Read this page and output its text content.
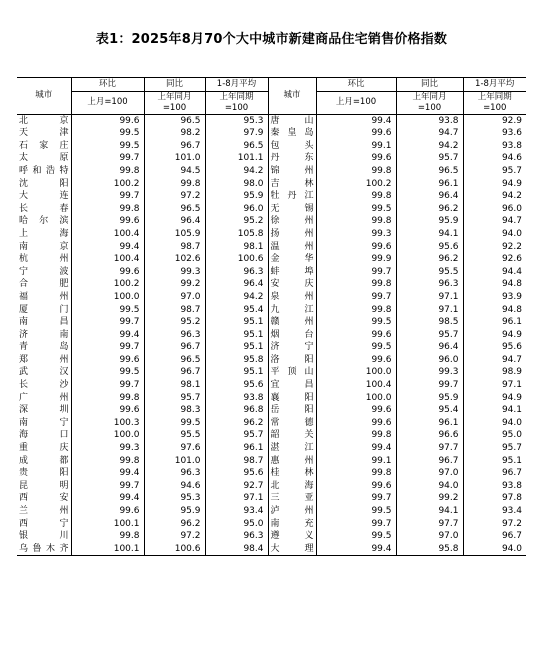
表1：2025年8月70个大中城市新建商品住宅销售价格指数
城市	环比	同比	1-8月平均	城市	环比	同比	1-8月平均
	上月=100	上年同月=100	上年同期=100		上月=100	上年同月=100	上年同期=100
北京	99.6	96.5	95.3	唐山	99.4	93.8	92.9
天津	99.5	98.2	97.9	秦皇岛	99.6	94.7	93.6
石家庄	99.5	96.7	96.5	包头	99.1	94.2	93.8
太原	99.7	101.0	101.1	丹东	99.6	95.7	94.6
呼和浩特	99.8	94.5	94.2	锦州	99.8	96.5	95.7
沈阳	100.2	99.8	98.0	吉林	100.2	96.1	94.9
大连	99.7	97.2	95.9	牡丹江	99.8	96.4	94.2
长春	99.8	96.5	96.0	无锡	99.5	96.2	96.0
哈尔滨	99.6	96.4	95.2	徐州	99.8	95.9	94.7
上海	100.4	105.9	105.8	扬州	99.3	94.1	94.0
南京	99.4	98.7	98.1	温州	99.6	95.6	92.2
杭州	100.4	102.6	100.6	金华	99.9	96.2	92.6
宁波	99.6	99.3	96.3	蚌埠	99.7	95.5	94.4
合肥	100.2	99.2	96.4	安庆	99.8	96.3	94.8
福州	100.0	97.0	94.2	泉州	99.7	97.1	93.9
厦门	99.5	98.7	95.4	九江	99.8	97.1	94.8
南昌	99.7	95.2	95.1	赣州	99.5	98.5	96.1
济南	99.4	96.3	95.1	烟台	99.6	95.7	94.9
青岛	99.7	96.7	95.1	济宁	99.5	96.4	95.6
郑州	99.6	96.5	95.8	洛阳	99.6	96.0	94.7
武汉	99.5	96.7	95.1	平顶山	100.0	99.3	98.9
长沙	99.7	98.1	95.6	宜昌	100.4	99.7	97.1
广州	99.8	95.7	93.8	襄阳	100.0	95.9	94.9
深圳	99.6	98.3	96.8	岳阳	99.6	95.4	94.1
南宁	100.3	99.5	96.2	常德	99.6	96.1	94.0
海口	100.0	95.5	95.7	韶关	99.8	96.6	95.0
重庆	99.3	97.6	96.1	湛江	99.4	97.7	95.7
成都	99.8	101.0	98.7	惠州	99.1	96.7	95.1
贵阳	99.4	96.3	95.6	桂林	99.8	97.0	96.7
昆明	99.7	94.6	92.7	北海	99.6	94.0	93.8
西安	99.4	95.3	97.1	三亚	99.7	99.2	97.8
兰州	99.6	95.9	93.4	泸州	99.5	94.1	93.4
西宁	100.1	96.2	95.0	南充	99.7	97.7	97.2
银川	99.8	97.2	96.3	遵义	99.5	97.0	96.7
乌鲁木齐	100.1	100.6	98.4	大理	99.4	95.8	94.0
